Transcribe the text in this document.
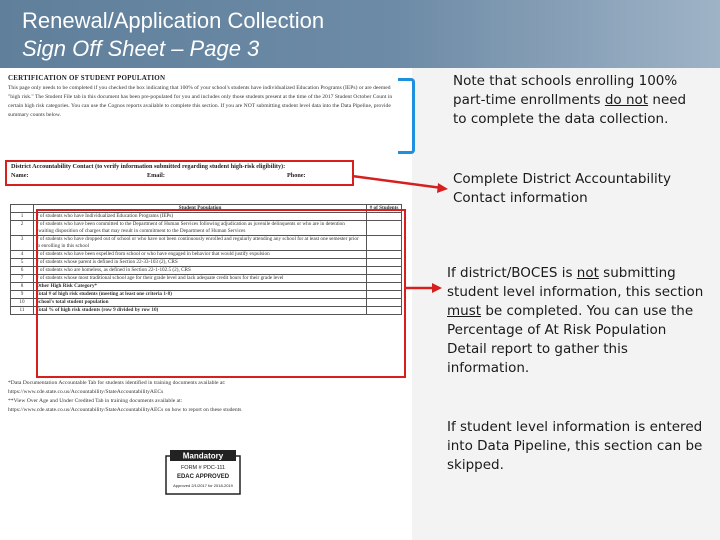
Renewal/Application Collection
Sign Off Sheet – Page 3
CERTIFICATION OF STUDENT POPULATION
This page only needs to be completed if you checked the box indicating that 100% of your school's students have individualized Education Programs (IEPs) or are deemed "high risk." The Student File tab in this document has been pre-populated for you and includes only those students present at the time of the 2017 Student October Count in certain high risk categories. You can use the Cognos reports available to complete this section. If you are NOT submitting student level data into the Data Pipeline, provide summary counts below.
District Accountability Contact (to verify information submitted regarding student high-risk eligibility):
Name:	Email:	Phone:
	Student Population	# of Students
1	# of students who have Individualized Education Programs (IEPs)	
2	# of students who have been committed to the Department of Human Services following adjudication as juvenile delinquents or who are in detention awaiting disposition of charges that may result in commitment to the Department of Human Services	
3	# of students who have dropped out of school or who have not been continuously enrolled and regularly attending any school for at least one semester prior to enrolling in this school	
4	# of students who have been expelled from school or who have engaged in behavior that would justify expulsion	
5	# of students whose parent is defined in Section 22-33-103 (2), CRS	
6	# of students who are homeless, as defined in Section 22-1-102.5 (2), CRS	
7	# of students whose most traditional school age for their grade level and lack adequate credit hours for their grade level	
8	Other High Risk Category*	
9	Total # of high risk students (meeting at least one criteria 1-8)	
10	School's total student population	
11	Total % of high risk students (row 9 divided by row 10)	
*Data Documentation Accountable Tab for students identified in training documents available at:
https://www.cde.state.co.us/Accountability/StateAccountabilityAECs
**View Over Age and Under Credited Tab in training documents available at:
https://www.cde.state.co.us/Accountability/StateAccountabilityAECs on how to report on these students
Mandatory
FORM # PDC-111
EDAC APPROVED
Approved 2/1/2017 for 2018-2019
Note that schools enrolling 100% part-time enrollments do not need to complete the data collection.
Complete District Accountability Contact information
If district/BOCES is not submitting student level information, this section must be completed. You can use the Percentage of At Risk Population Detail report to gather this information.
If student level information is entered into Data Pipeline, this section can be skipped.
